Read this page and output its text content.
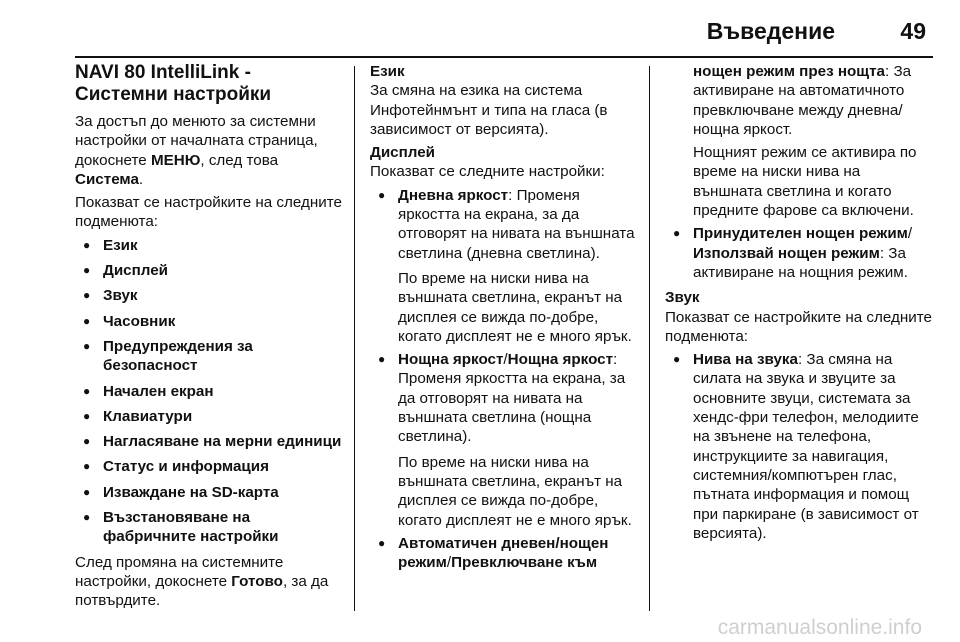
Въведение	49
NAVI 80 IntelliLink - Системни настройки

За достъп до менюто за системни настройки от началната страница, докоснете МЕНЮ, след това Система.

Показват се настройките на следните подменюта:

● Език
● Дисплей
● Звук
● Часовник
● Предупреждения за безопасност
● Начален екран
● Клавиатури
● Нагласяване на мерни единици
● Статус и информация
● Изваждане на SD-карта
● Възстановяване на фабричните настройки

След промяна на системните настройки, докоснете Готово, за да потвърдите.

Език

За смяна на езика на система Инфотейнмънт и типа на гласа (в зависимост от версията).

Дисплей

Показват се следните настройки:

● Дневна яркост: Променя яркостта на екрана, за да отговорят на нивата на външната светлина (дневна светлина).

По време на ниски нива на външната светлина, екранът на дисплея се вижда по-добре, когато дисплеят не е много ярък.

● Нощна яркост/Нощна яркост: Променя яркостта на екрана, за да отговорят на нивата на външната светлина (нощна светлина).

По време на ниски нива на външната светлина, екранът на дисплея се вижда по-добре, когато дисплеят не е много ярък.

● Автоматичен дневен/нощен режим/Превключване към

нощен режим през нощта: За активиране на автоматичното превключване между дневна/нощна яркост.

Нощният режим се активира по време на ниски нива на външната светлина и когато предните фарове са включени.

● Принудителен нощен режим/Използвай нощен режим: За активиране на нощния режим.

Звук

Показват се настройките на следните подменюта:

● Нива на звука: За смяна на силата на звука и звуците за основните звуци, системата за хендс-фри телефон, мелодиите на звънене на телефона, инструкциите за навигация, системния/компютърен глас, пътната информация и помощ при паркиране (в зависимост от версията).
carmanualsonline.info
